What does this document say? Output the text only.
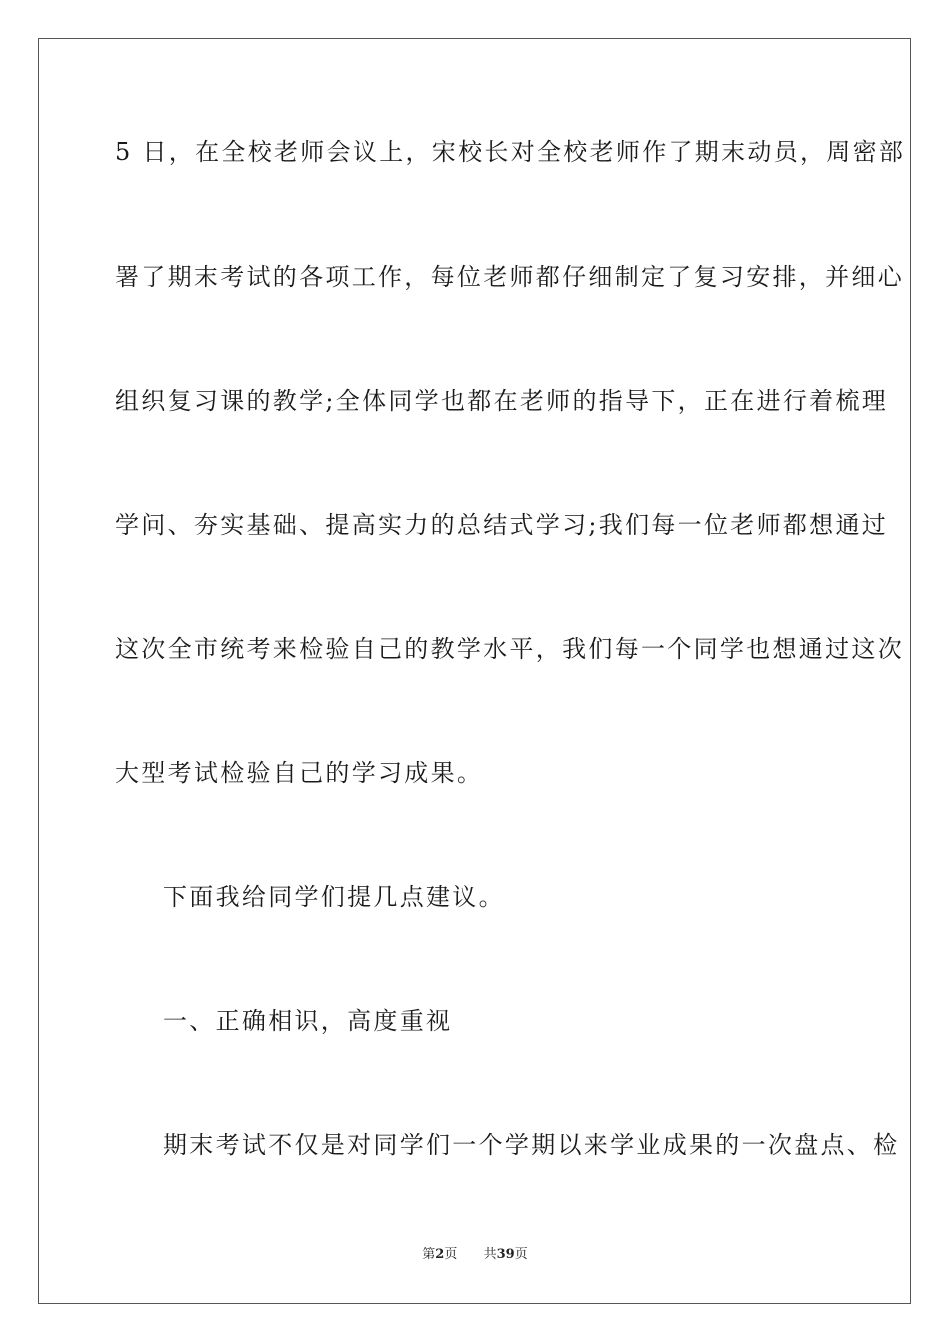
5 日，在全校老师会议上，宋校长对全校老师作了期末动员，周密部
署了期末考试的各项工作，每位老师都仔细制定了复习安排，并细心
组织复习课的教学;全体同学也都在老师的指导下，正在进行着梳理
学问、夯实基础、提高实力的总结式学习;我们每一位老师都想通过
这次全市统考来检验自己的教学水平，我们每一个同学也想通过这次
大型考试检验自己的学习成果。
下面我给同学们提几点建议。
一、正确相识，高度重视
期末考试不仅是对同学们一个学期以来学业成果的一次盘点、检
第2页 共39页
